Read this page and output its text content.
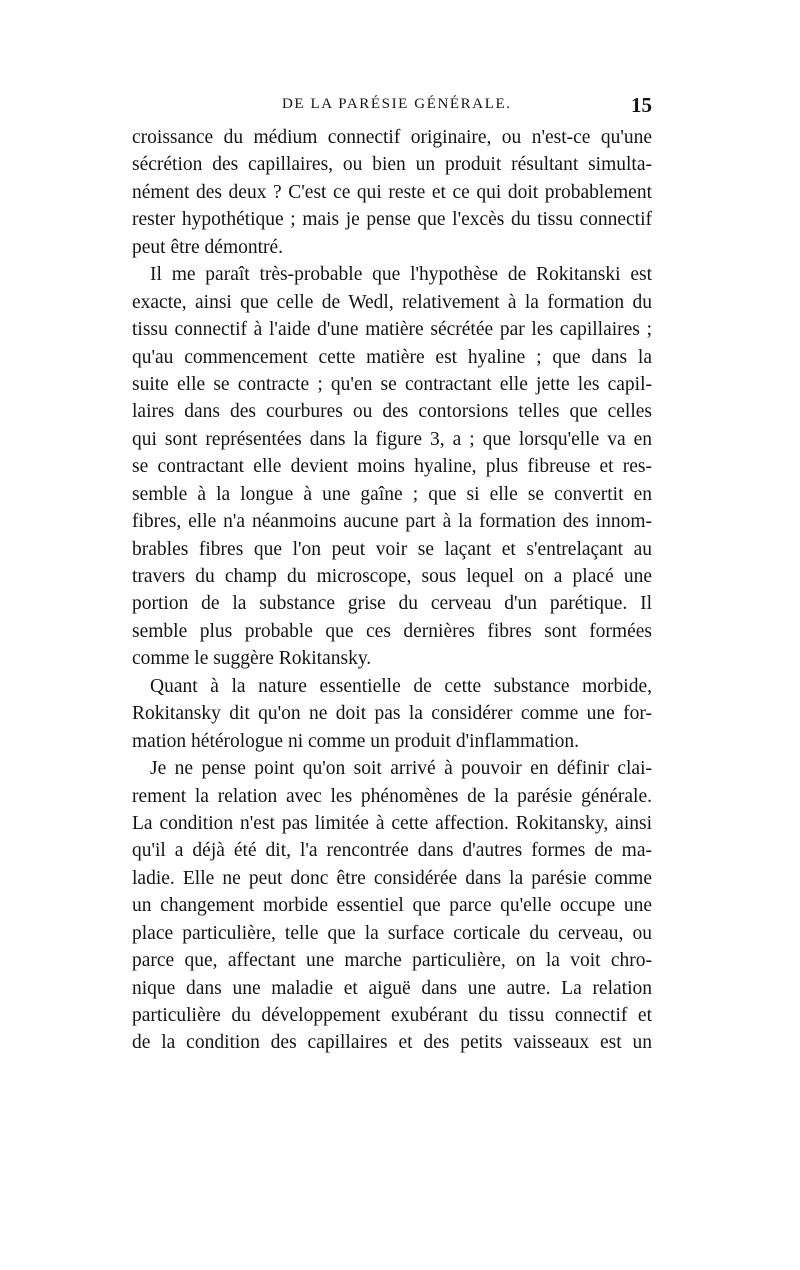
DE LA PARÉSIE GÉNÉRALE.	15
croissance du médium connectif originaire, ou n'est-ce qu'une
sécrétion des capillaires, ou bien un produit résultant simulta-
nément des deux ? C'est ce qui reste et ce qui doit probablement
rester hypothétique ; mais je pense que l'excès du tissu connectif
peut être démontré.
Il me paraît très-probable que l'hypothèse de Rokitanski est
exacte, ainsi que celle de Wedl, relativement à la formation du
tissu connectif à l'aide d'une matière sécrétée par les capillaires ;
qu'au commencement cette matière est hyaline ; que dans la
suite elle se contracte ; qu'en se contractant elle jette les capil-
laires dans des courbures ou des contorsions telles que celles
qui sont représentées dans la figure 3, a ; que lorsqu'elle va en
se contractant elle devient moins hyaline, plus fibreuse et res-
semble à la longue à une gaîne ; que si elle se convertit en
fibres, elle n'a néanmoins aucune part à la formation des innom-
brables fibres que l'on peut voir se laçant et s'entrelaçant au
travers du champ du microscope, sous lequel on a placé une
portion de la substance grise du cerveau d'un parétique. Il
semble plus probable que ces dernières fibres sont formées
comme le suggère Rokitansky.
Quant à la nature essentielle de cette substance morbide,
Rokitansky dit qu'on ne doit pas la considérer comme une for-
mation hétérologue ni comme un produit d'inflammation.
Je ne pense point qu'on soit arrivé à pouvoir en définir clai-
rement la relation avec les phénomènes de la parésie générale.
La condition n'est pas limitée à cette affection. Rokitansky, ainsi
qu'il a déjà été dit, l'a rencontrée dans d'autres formes de ma-
ladie. Elle ne peut donc être considérée dans la parésie comme
un changement morbide essentiel que parce qu'elle occupe une
place particulière, telle que la surface corticale du cerveau, ou
parce que, affectant une marche particulière, on la voit chro-
nique dans une maladie et aiguë dans une autre. La relation
particulière du développement exubérant du tissu connectif et
de la condition des capillaires et des petits vaisseaux est un
